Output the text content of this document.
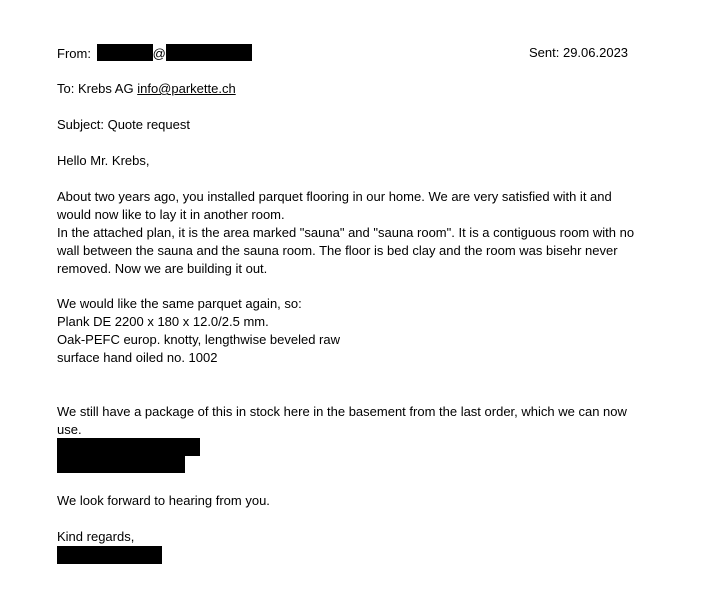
From:	@	Sent: 29.06.2023
To: Krebs AG info@parkette.ch
Subject: Quote request
Hello Mr. Krebs,
About two years ago, you installed parquet flooring in our home. We are very satisfied with it and
would now like to lay it in another room.
In the attached plan, it is the area marked "sauna" and "sauna room". It is a contiguous room with no
wall between the sauna and the sauna room. The floor is bed clay and the room was bisehr never
removed. Now we are building it out.
We would like the same parquet again, so:
Plank DE 2200 x 180 x 12.0/2.5 mm.
Oak-PEFC europ. knotty, lengthwise beveled raw
surface hand oiled no. 1002
We still have a package of this in stock here in the basement from the last order, which we can now
use.
We look forward to hearing from you.
Kind regards,
